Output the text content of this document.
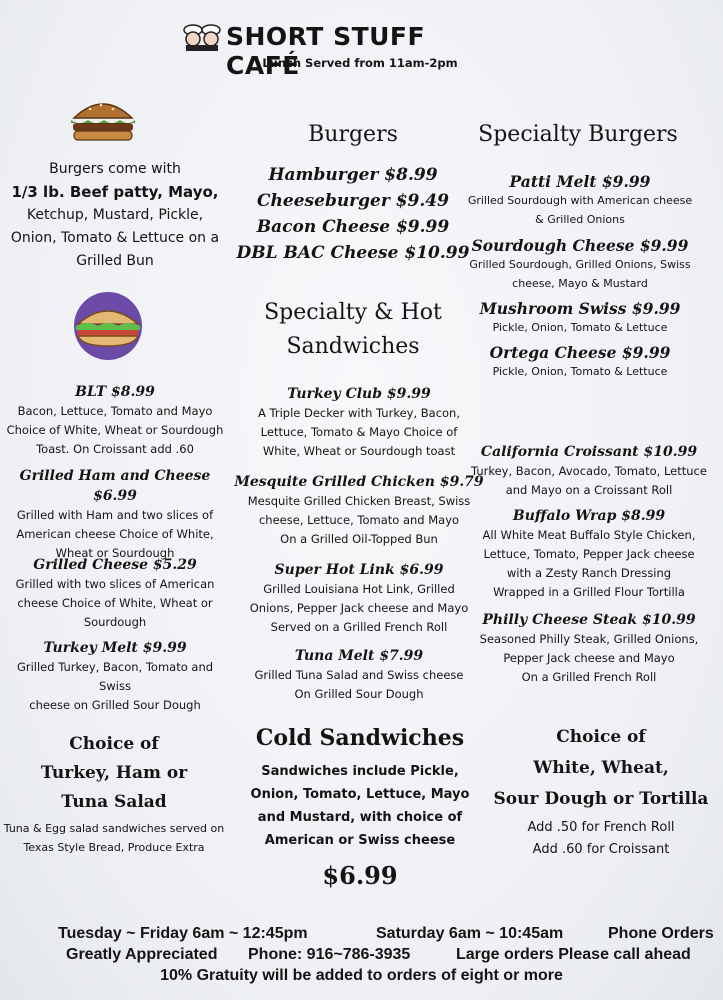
SHORT STUFF CAFÉ
Lunch Served from 11am-2pm
Burgers come with
1/3 lb. Beef patty, Mayo,
Ketchup, Mustard, Pickle,
Onion, Tomato & Lettuce on a
Grilled Bun
Burgers
Hamburger $8.99
Cheeseburger $9.49
Bacon Cheese $9.99
DBL BAC Cheese $10.99
Specialty & Hot
Sandwiches
Specialty Burgers
Patti Melt $9.99
Grilled Sourdough with American cheese
& Grilled Onions
Sourdough Cheese $9.99
Grilled Sourdough, Grilled Onions, Swiss
cheese, Mayo & Mustard
Mushroom Swiss $9.99
Pickle, Onion, Tomato & Lettuce
Ortega Cheese $9.99
Pickle, Onion, Tomato & Lettuce
BLT $8.99
Bacon, Lettuce, Tomato and Mayo
Choice of White, Wheat or Sourdough
Toast. On Croissant add .60
Grilled Ham and Cheese $6.99
Grilled with Ham and two slices of
American cheese Choice of White,
Wheat or Sourdough
Grilled Cheese $5.29
Grilled with two slices of American
cheese Choice of White, Wheat or
Sourdough
Turkey Melt $9.99
Grilled Turkey, Bacon, Tomato and Swiss
cheese on Grilled Sour Dough
Turkey Club $9.99
A Triple Decker with Turkey, Bacon,
Lettuce, Tomato & Mayo Choice of
White, Wheat or Sourdough toast
Mesquite Grilled Chicken $9.79
Mesquite Grilled Chicken Breast, Swiss
cheese, Lettuce, Tomato and Mayo
On a Grilled Oil-Topped Bun
Super Hot Link $6.99
Grilled Louisiana Hot Link, Grilled
Onions, Pepper Jack cheese and Mayo
Served on a Grilled French Roll
Tuna Melt $7.99
Grilled Tuna Salad and Swiss cheese
On Grilled Sour Dough
California Croissant $10.99
Turkey, Bacon, Avocado, Tomato, Lettuce
and Mayo on a Croissant Roll
Buffalo Wrap $8.99
All White Meat Buffalo Style Chicken,
Lettuce, Tomato, Pepper Jack cheese
with a Zesty Ranch Dressing
Wrapped in a Grilled Flour Tortilla
Philly Cheese Steak $10.99
Seasoned Philly Steak, Grilled Onions,
Pepper Jack cheese and Mayo
On a Grilled French Roll
Choice of
Turkey, Ham or
Tuna Salad
Tuna & Egg salad sandwiches served on
Texas Style Bread, Produce Extra
Cold Sandwiches
Sandwiches include Pickle,
Onion, Tomato, Lettuce, Mayo
and Mustard, with choice of
American or Swiss cheese
$6.99
Choice of
White, Wheat,
Sour Dough or Tortilla
Add .50 for French Roll
Add .60 for Croissant
Tuesday ~ Friday 6am ~ 12:45pm	Saturday 6am ~ 10:45am	Phone Orders
Greatly Appreciated Phone: 916~786-3935	Large orders Please call ahead
10% Gratuity will be added to orders of eight or more
